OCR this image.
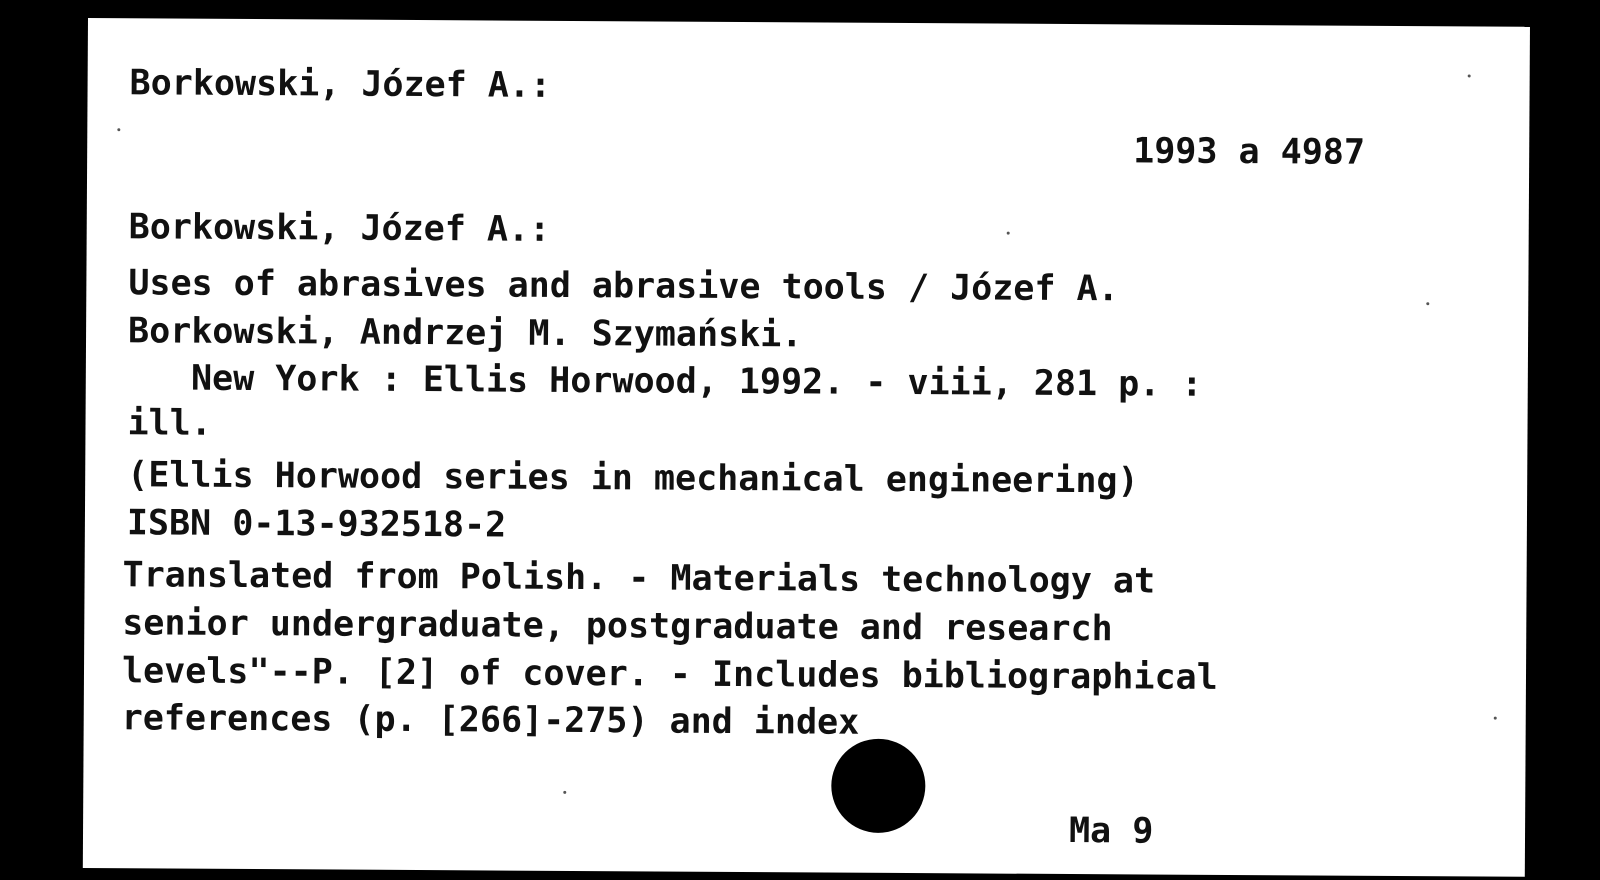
Borkowski, Józef A.:
1993 a 4987
Borkowski, Józef A.:
Uses of abrasives and abrasive tools / Józef A.
Borkowski, Andrzej M. Szymański.
New York : Ellis Horwood, 1992. - viii, 281 p. :
ill.
(Ellis Horwood series in mechanical engineering)
ISBN 0-13-932518-2
Translated from Polish. - Materials technology at
senior undergraduate, postgraduate and research
levels"--P. [2] of cover. - Includes bibliographical
references (p. [266]-275) and index
Ma 9
